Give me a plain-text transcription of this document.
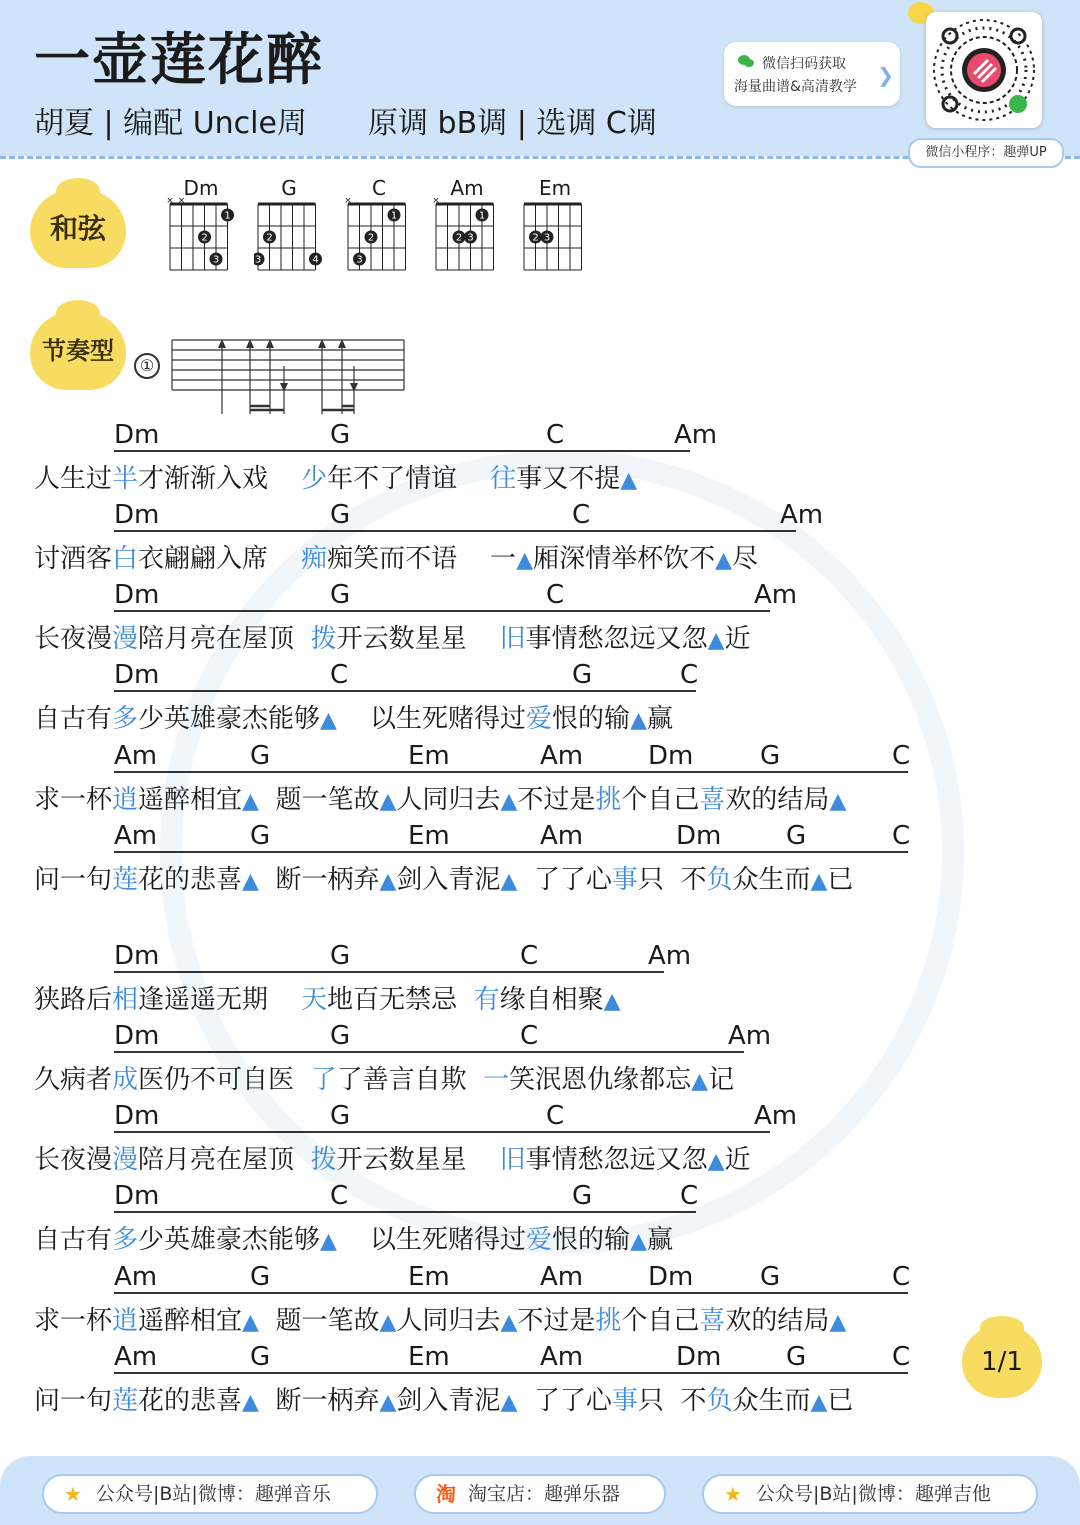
一壶莲花醉
胡夏 | 编配 Uncle周 原调 bB调 | 选调 C调
微信扫码获取
海量曲谱&高清教学 ❯
微信小程序：趣弹UP
和弦
节奏型
Dm
× ×
1
2
3
G
2
3	4
C
×
1
2
3
Am
×
1
2 3
Em
2 3
①
Dm	G	C	Am
人生过半才渐渐入戏    少年不了情谊    往事又不提▲
Dm	G	C	Am
讨酒客白衣翩翩入席    痴痴笑而不语    一▲厢深情举杯饮不▲尽
Dm	G	C	Am
长夜漫漫陪月亮在屋顶  拨开云数星星    旧事情愁忽远又忽▲近
Dm	C	G	C
自古有多少英雄豪杰能够▲    以生死赌得过爱恨的输▲赢
Am	G	Em	Am Dm	G	C
求一杯逍遥醉相宜▲  题一笔故▲人同归去▲不过是挑个自己喜欢的结局▲
Am	G	Em	Am	Dm G	C
问一句莲花的悲喜▲  断一柄弃▲剑入青泥▲  了了心事只  不负众生而▲已
Dm	G	C	Am
狭路后相逢遥遥无期    天地百无禁忌  有缘自相聚▲
Dm	G	C	Am
久病者成医仍不可自医  了了善言自欺  一笑泯恩仇缘都忘▲记
Dm	G	C	Am
长夜漫漫陪月亮在屋顶  拨开云数星星    旧事情愁忽远又忽▲近
Dm	C	G	C
自古有多少英雄豪杰能够▲    以生死赌得过爱恨的输▲赢
Am	G	Em	Am Dm	G	C
求一杯逍遥醉相宜▲  题一笔故▲人同归去▲不过是挑个自己喜欢的结局▲
Am	G	Em	Am	Dm G	C
问一句莲花的悲喜▲  断一柄弃▲剑入青泥▲  了了心事只  不负众生而▲已
1/1
★ 公众号|B站|微博：趣弹音乐	淘 淘宝店：趣弹乐器	★ 公众号|B站|微博：趣弹吉他
